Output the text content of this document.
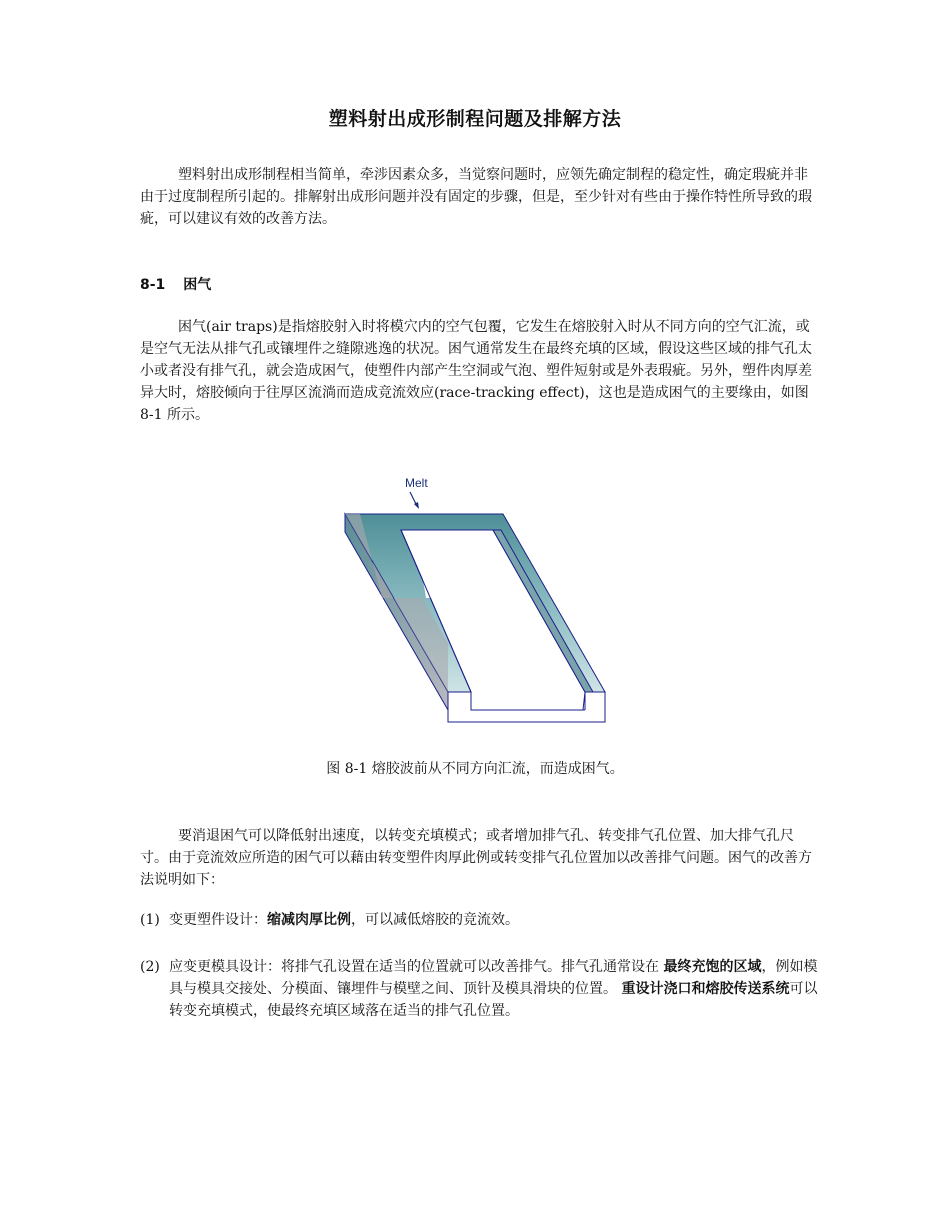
塑料射出成形制程问题及排解方法

塑料射出成形制程相当简单，牵涉因素众多，当觉察问题时，应领先确定制程的稳定性，确定瑕疵并非由于过度制程所引起的。排解射出成形问题并没有固定的步骤，但是，至少针对有些由于操作特性所导致的瑕疵，可以建议有效的改善方法。

8-1 困气

困气(air traps)是指熔胶射入时将模穴内的空气包覆，它发生在熔胶射入时从不同方向的空气汇流，或是空气无法从排气孔或镶埋件之缝隙逃逸的状况。困气通常发生在最终充填的区域，假设这些区域的排气孔太小或者没有排气孔，就会造成困气，使塑件内部产生空洞或气泡、塑件短射或是外表瑕疵。另外，塑件肉厚差异大时，熔胶倾向于往厚区流淌而造成竞流效应(race-tracking effect)，这也是造成困气的主要缘由，如图 8-1 所示。

Melt
图 8-1 熔胶波前从不同方向汇流，而造成困气。

要消退困气可以降低射出速度，以转变充填模式；或者增加排气孔、转变排气孔位置、加大排气孔尺寸。由于竞流效应所造的困气可以藉由转变塑件肉厚此例或转变排气孔位置加以改善排气问题。困气的改善方法说明如下：

(1) 变更塑件设计：缩减肉厚比例，可以减低熔胶的竞流效。
(2) 应变更模具设计：将排气孔设置在适当的位置就可以改善排气。排气孔通常设在 最终充饱的区域，例如模具与模具交接处、分模面、镶埋件与模壁之间、顶针及模具滑块的位置。 重设计浇口和熔胶传送系统可以转变充填模式，使最终充填区域落在适当的排气孔位置。
